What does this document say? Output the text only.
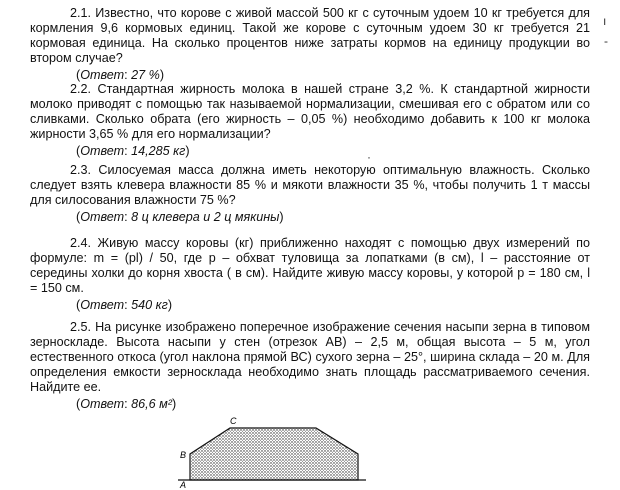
2.1. Известно, что корове с живой массой 500 кг с суточным удоем 10 кг требуется для кормления 9,6 кормовых единиц. Такой же корове с суточным удоем 30 кг требуется 21 кормовая единица. На сколько процентов ниже затраты кормов на единицу продукции во втором случае?

(Ответ: 27 %)

2.2. Стандартная жирность молока в нашей стране 3,2 %. К стандартной жирности молоко приводят с помощью так называемой нормализации, смешивая его с обратом или со сливками. Сколько обрата (его жирность – 0,05 %) необходимо добавить к 100 кг молока жирности 3,65 % для его нормализации?

(Ответ: 14,285 кг)

2.3. Силосуемая масса должна иметь некоторую оптимальную влажность. Сколько следует взять клевера влажности 85 % и мякоти влажности 35 %, чтобы получить 1 т массы для силосования влажности 75 %?

(Ответ: 8 ц клевера и 2 ц мякины)

2.4. Живую массу коровы (кг) приближенно находят с помощью двух измерений по формуле: m = (pl) / 50, где p – обхват туловища за лопатками (в см), l – расстояние от середины холки до корня хвоста ( в см). Найдите живую массу коровы, у которой p = 180 см, l = 150 см.

(Ответ: 540 кг)

2.5. На рисунке изображено поперечное изображение сечения насыпи зерна в типовом зерноскладе. Высота насыпи у стен (отрезок АВ) – 2,5 м, общая высота – 5 м, угол естественного откоса (угол наклона прямой ВС) сухого зерна – 25°, ширина склада – 20 м. Для определения емкости зерносклада необходимо знать площадь рассматриваемого сечения. Найдите ее.

(Ответ: 86,6 м²)
ı
-
·
B
A
C
